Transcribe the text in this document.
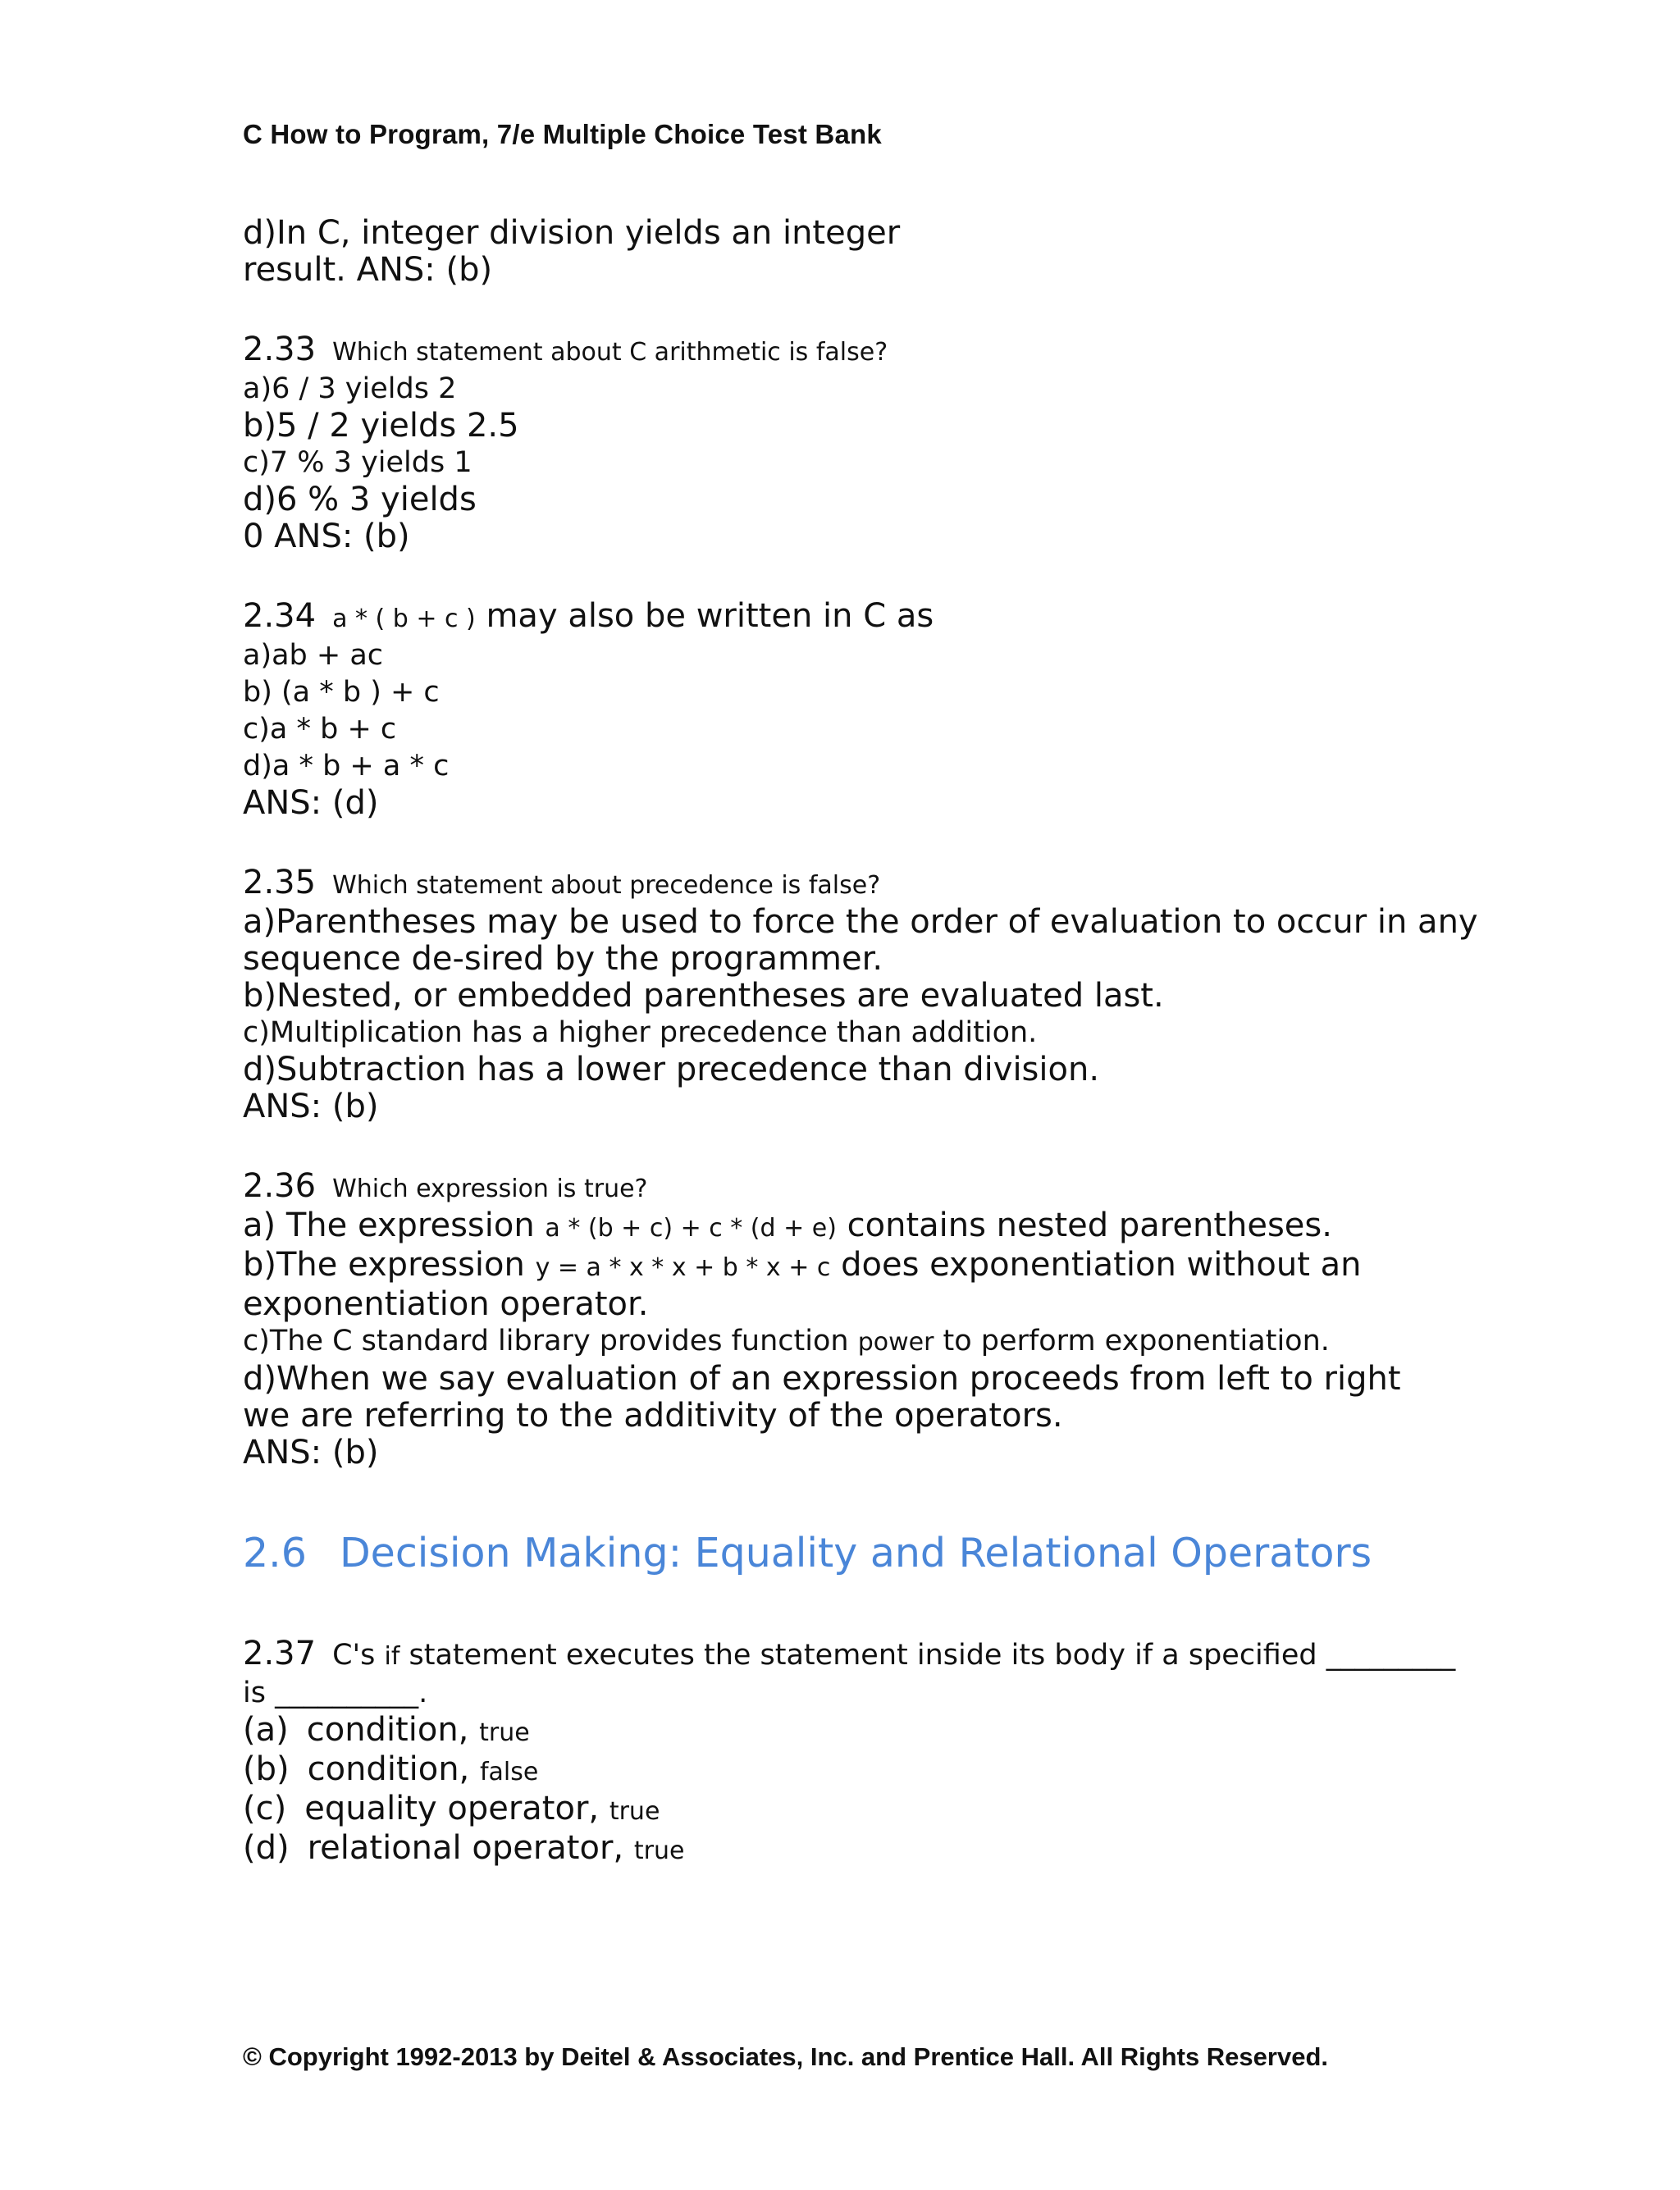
C How to Program, 7/e Multiple Choice Test Bank
d)In C, integer division yields an integer
result. ANS: (b)
2.33 Which statement about C arithmetic is false?
a)6 / 3 yields 2
b)5 / 2 yields 2.5
c)7 % 3 yields 1
d)6 % 3 yields
0 ANS: (b)
2.34 a * ( b + c ) may also be written in C as
a)ab + ac
b) (a * b ) + c
c)a * b + c
d)a * b + a * c
ANS: (d)
2.35 Which statement about precedence is false?
a)Parentheses may be used to force the order of evaluation to occur in any
sequence de-sired by the programmer.
b)Nested, or embedded parentheses are evaluated last.
c)Multiplication has a higher precedence than addition.
d)Subtraction has a lower precedence than division.
ANS: (b)
2.36 Which expression is true?
a) The expression a * (b + c) + c * (d + e) contains nested parentheses.
b)The expression y = a * x * x + b * x + c does exponentiation without an
exponentiation operator.
c)The C standard library provides function power to perform exponentiation.
d)When we say evaluation of an expression proceeds from left to right
we are referring to the additivity of the operators.
ANS: (b)
2.6 Decision Making: Equality and Relational Operators
2.37 C's if statement executes the statement inside its body if a specified _________
is __________.
(a) condition, true
(b) condition, false
(c) equality operator, true
(d) relational operator, true
© Copyright 1992-2013 by Deitel & Associates, Inc. and Prentice Hall. All Rights Reserved.
